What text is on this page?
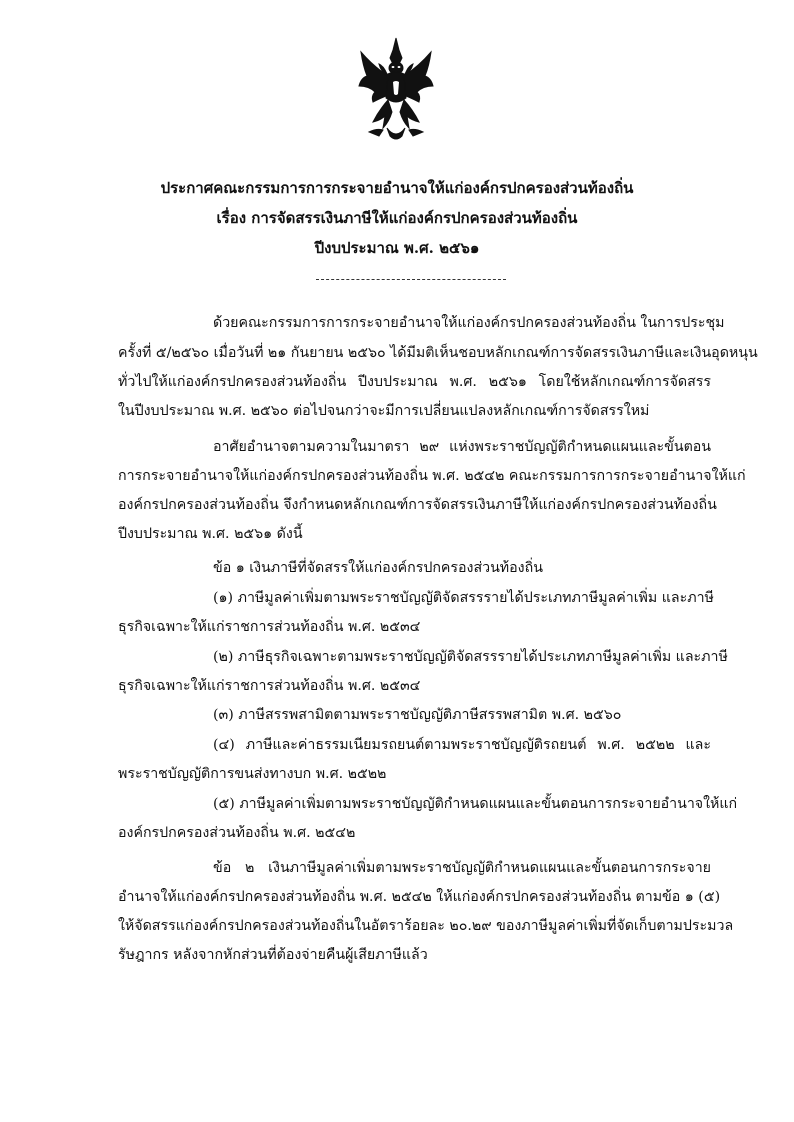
ประกาศคณะกรรมการการกระจายอำนาจให้แก่องค์กรปกครองส่วนท้องถิ่น
เรื่อง การจัดสรรเงินภาษีให้แก่องค์กรปกครองส่วนท้องถิ่น
ปีงบประมาณ พ.ศ. ๒๕๖๑
ด้วยคณะกรรมการการกระจายอำนาจให้แก่องค์กรปกครองส่วนท้องถิ่น ในการประชุม
ครั้งที่ ๕/๒๕๖๐ เมื่อวันที่ ๒๑ กันยายน ๒๕๖๐ ได้มีมติเห็นชอบหลักเกณฑ์การจัดสรรเงินภาษีและเงินอุดหนุน
ทั่วไปให้แก่องค์กรปกครองส่วนท้องถิ่น ปีงบประมาณ พ.ศ. ๒๕๖๑ โดยใช้หลักเกณฑ์การจัดสรร
ในปีงบประมาณ พ.ศ. ๒๕๖๐ ต่อไปจนกว่าจะมีการเปลี่ยนแปลงหลักเกณฑ์การจัดสรรใหม่
อาศัยอำนาจตามความในมาตรา ๒๙ แห่งพระราชบัญญัติกำหนดแผนและขั้นตอน
การกระจายอำนาจให้แก่องค์กรปกครองส่วนท้องถิ่น พ.ศ. ๒๕๔๒ คณะกรรมการการกระจายอำนาจให้แก่
องค์กรปกครองส่วนท้องถิ่น จึงกำหนดหลักเกณฑ์การจัดสรรเงินภาษีให้แก่องค์กรปกครองส่วนท้องถิ่น
ปีงบประมาณ พ.ศ. ๒๕๖๑ ดังนี้
ข้อ ๑ เงินภาษีที่จัดสรรให้แก่องค์กรปกครองส่วนท้องถิ่น
(๑) ภาษีมูลค่าเพิ่มตามพระราชบัญญัติจัดสรรรายได้ประเภทภาษีมูลค่าเพิ่ม และภาษี
ธุรกิจเฉพาะให้แก่ราชการส่วนท้องถิ่น พ.ศ. ๒๕๓๔
(๒) ภาษีธุรกิจเฉพาะตามพระราชบัญญัติจัดสรรรายได้ประเภทภาษีมูลค่าเพิ่ม และภาษี
ธุรกิจเฉพาะให้แก่ราชการส่วนท้องถิ่น พ.ศ. ๒๕๓๔
(๓) ภาษีสรรพสามิตตามพระราชบัญญัติภาษีสรรพสามิต พ.ศ. ๒๕๖๐
(๔) ภาษีและค่าธรรมเนียมรถยนต์ตามพระราชบัญญัติรถยนต์ พ.ศ. ๒๕๒๒ และ
พระราชบัญญัติการขนส่งทางบก พ.ศ. ๒๕๒๒
(๕) ภาษีมูลค่าเพิ่มตามพระราชบัญญัติกำหนดแผนและขั้นตอนการกระจายอำนาจให้แก่
องค์กรปกครองส่วนท้องถิ่น พ.ศ. ๒๕๔๒
ข้อ ๒ เงินภาษีมูลค่าเพิ่มตามพระราชบัญญัติกำหนดแผนและขั้นตอนการกระจาย
อำนาจให้แก่องค์กรปกครองส่วนท้องถิ่น พ.ศ. ๒๕๔๒ ให้แก่องค์กรปกครองส่วนท้องถิ่น ตามข้อ ๑ (๕)
ให้จัดสรรแก่องค์กรปกครองส่วนท้องถิ่นในอัตราร้อยละ ๒๐.๒๙ ของภาษีมูลค่าเพิ่มที่จัดเก็บตามประมวล
รัษฎากร หลังจากหักส่วนที่ต้องจ่ายคืนผู้เสียภาษีแล้ว
